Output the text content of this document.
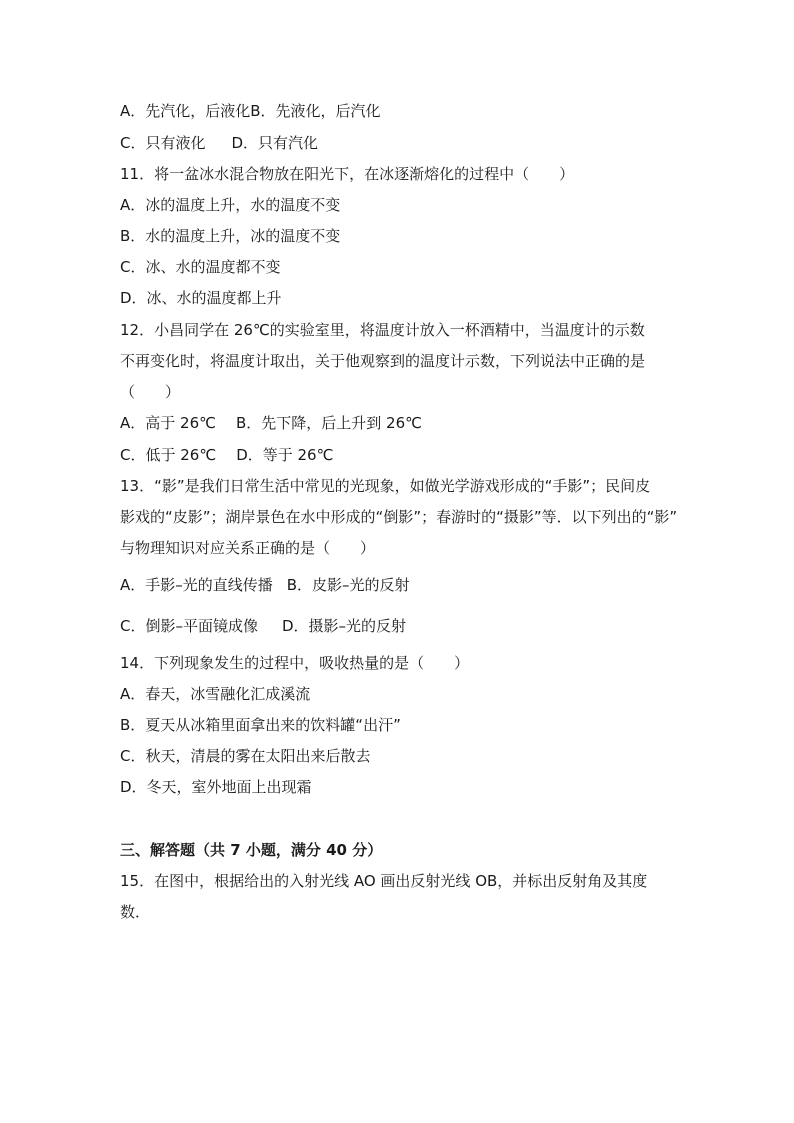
A．先汽化，后液化B．先液化，后汽化
C．只有液化 D．只有汽化
11．将一盆冰水混合物放在阳光下，在冰逐渐熔化的过程中（　　）
A．冰的温度上升，水的温度不变
B．水的温度上升，冰的温度不变
C．冰、水的温度都不变
D．冰、水的温度都上升
12．小昌同学在 26℃的实验室里，将温度计放入一杯酒精中，当温度计的示数
不再变化时，将温度计取出，关于他观察到的温度计示数，下列说法中正确的是
（　　）
A．高于 26℃ B．先下降，后上升到 26℃
C．低于 26℃ D．等于 26℃
13．“影”是我们日常生活中常见的光现象，如做光学游戏形成的“手影”；民间皮
影戏的“皮影”；湖岸景色在水中形成的“倒影”；春游时的“摄影”等．以下列出的“影”
与物理知识对应关系正确的是（　　）
A．手影–光的直线传播 B．皮影–光的反射
C．倒影–平面镜成像 D．摄影–光的反射
14．下列现象发生的过程中，吸收热量的是（　　）
A．春天，冰雪融化汇成溪流
B．夏天从冰箱里面拿出来的饮料罐“出汗”
C．秋天，清晨的雾在太阳出来后散去
D．冬天，室外地面上出现霜
三、解答题（共 7 小题，满分 40 分）
15．在图中，根据给出的入射光线 AO 画出反射光线 OB，并标出反射角及其度
数．
